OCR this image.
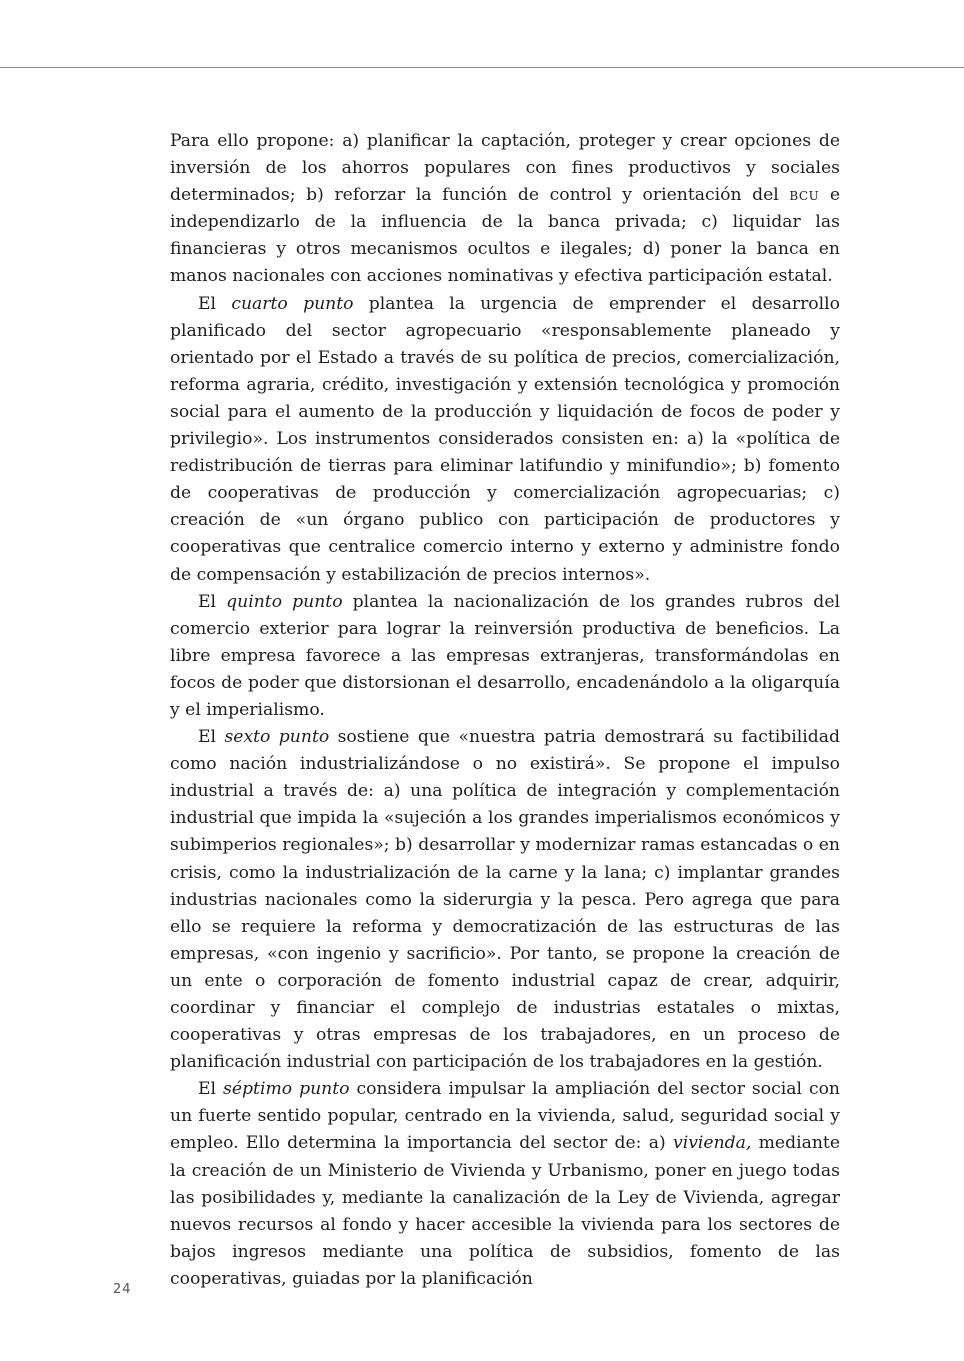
Para ello propone: a) planificar la captación, proteger y crear opciones de inversión de los ahorros populares con fines productivos y sociales determinados; b) reforzar la función de control y orientación del bcu e independizarlo de la influencia de la banca privada; c) liquidar las financieras y otros mecanismos ocultos e ilegales; d) poner la banca en manos nacionales con acciones nominativas y efectiva participación estatal.

El cuarto punto plantea la urgencia de emprender el desarrollo planificado del sector agropecuario «responsablemente planeado y orientado por el Estado a través de su política de precios, comercialización, reforma agraria, crédito, investigación y extensión tecnológica y promoción social para el aumento de la producción y liquidación de focos de poder y privilegio». Los instrumentos considerados consisten en: a) la «política de redistribución de tierras para eliminar latifundio y minifundio»; b) fomento de cooperativas de producción y comercialización agropecuarias; c) creación de «un órgano publico con participación de productores y cooperativas que centralice comercio interno y externo y administre fondo de compensación y estabilización de precios internos».

El quinto punto plantea la nacionalización de los grandes rubros del comercio exterior para lograr la reinversión productiva de beneficios. La libre empresa favorece a las empresas extranjeras, transformándolas en focos de poder que distorsionan el desarrollo, encadenándolo a la oligarquía y el imperialismo.

El sexto punto sostiene que «nuestra patria demostrará su factibilidad como nación industrializándose o no existirá». Se propone el impulso industrial a través de: a) una política de integración y complementación industrial que impida la «sujeción a los grandes imperialismos económicos y subimperios regionales»; b) desarrollar y modernizar ramas estancadas o en crisis, como la industrialización de la carne y la lana; c) implantar grandes industrias nacionales como la siderurgia y la pesca. Pero agrega que para ello se requiere la reforma y democratización de las estructuras de las empresas, «con ingenio y sacrificio». Por tanto, se propone la creación de un ente o corporación de fomento industrial capaz de crear, adquirir, coordinar y financiar el complejo de industrias estatales o mixtas, cooperativas y otras empresas de los trabajadores, en un proceso de planificación industrial con participación de los trabajadores en la gestión.

El séptimo punto considera impulsar la ampliación del sector social con un fuerte sentido popular, centrado en la vivienda, salud, seguridad social y empleo. Ello determina la importancia del sector de: a) vivienda, mediante la creación de un Ministerio de Vivienda y Urbanismo, poner en juego todas las posibilidades y, mediante la canalización de la Ley de Vivienda, agregar nuevos recursos al fondo y hacer accesible la vivienda para los sectores de bajos ingresos mediante una política de subsidios, fomento de las cooperativas, guiadas por la planificación

24
